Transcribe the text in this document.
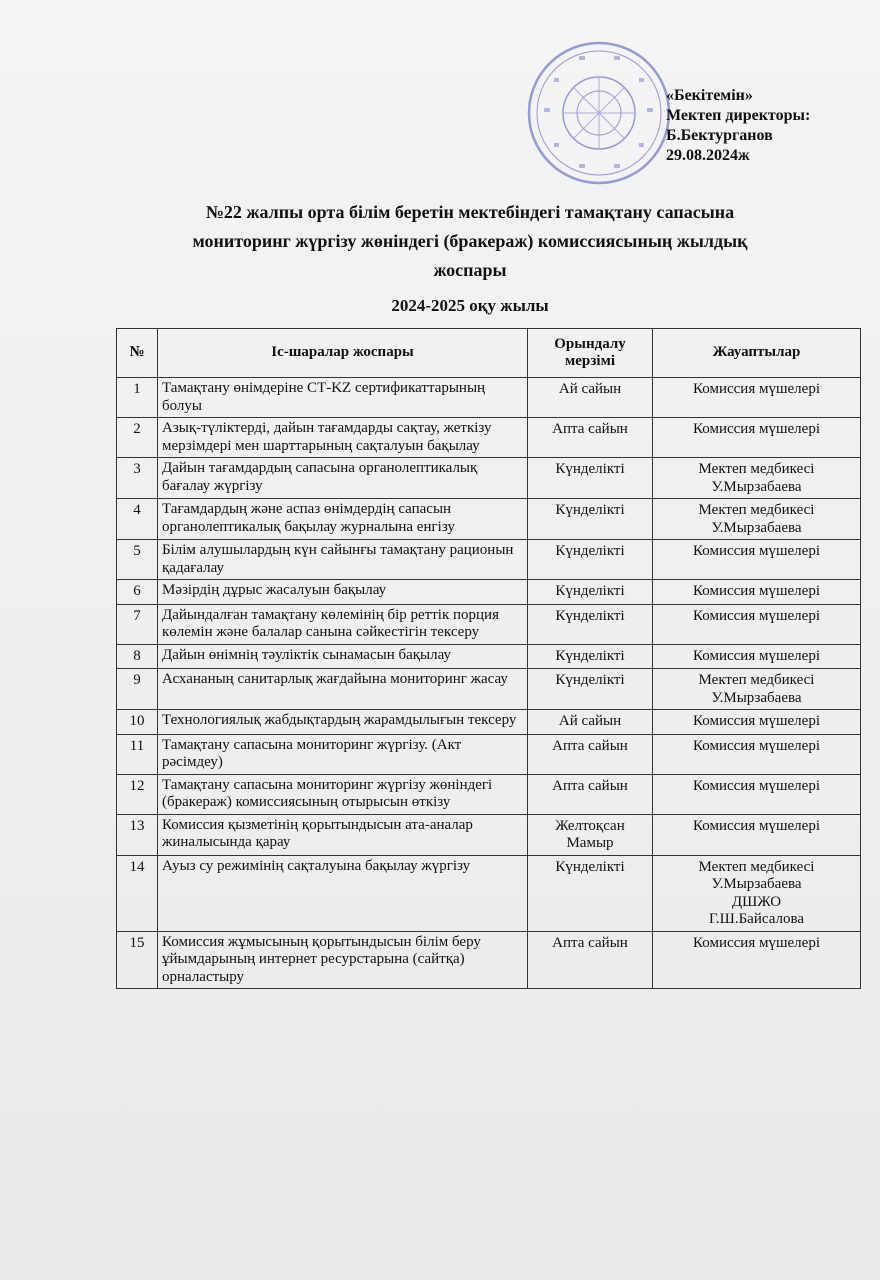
«Бекітемін»
Мектеп директоры:
Б.Бектурганов
29.08.2024ж
№22 жалпы орта білім беретін мектебіндегі тамақтану сапасына
мониторинг жүргізу жөніндегі (бракераж) комиссиясының жылдық
жоспары
2024-2025 оқу жылы
№	Іс-шаралар жоспары	Орындалу мерзімі	Жауаптылар
1	Тамақтану өнімдеріне СТ-KZ сертификаттарының болуы	Ай сайын	Комиссия мүшелері

2	Азық-түліктерді, дайын тағамдарды сақтау, жеткізу мерзімдері мен шарттарының сақталуын бақылау	Апта сайын	Комиссия мүшелері

3	Дайын тағамдардың сапасына органолептикалық бағалау жүргізу	Күнделікті	Мектеп медбикесі
У.Мырзабаева

4	Тағамдардың және аспаз өнімдердің сапасын органолептикалық бақылау журналына енгізу	Күнделікті	Мектеп медбикесі
У.Мырзабаева

5	Білім алушылардың күн сайынғы тамақтану рационын қадағалау	Күнделікті	Комиссия мүшелері

6	Мәзірдің дұрыс жасалуын бақылау	Күнделікті	Комиссия мүшелері

7	Дайындалған тамақтану көлемінің бір реттік порция көлемін және балалар санына сәйкестігін тексеру	Күнделікті	Комиссия мүшелері

8	Дайын өнімнің тәуліктік сынамасын бақылау	Күнделікті	Комиссия мүшелері

9	Асхананың санитарлық жағдайына мониторинг жасау	Күнделікті	Мектеп медбикесі
У.Мырзабаева

10	Технологиялық жабдықтардың жарамдылығын тексеру	Ай сайын	Комиссия мүшелері

11	Тамақтану сапасына мониторинг жүргізу. (Акт рәсімдеу)	Апта сайын	Комиссия мүшелері

12	Тамақтану сапасына мониторинг жүргізу жөніндегі (бракераж) комиссиясының отырысын өткізу	Апта сайын	Комиссия мүшелері

13	Комиссия қызметінің қорытындысын ата-аналар жиналысында қарау	Желтоқсан
Мамыр	Комиссия мүшелері

14	Ауыз су режимінің сақталуына бақылау жүргізу	Күнделікті	Мектеп медбикесі
У.Мырзабаева
ДШЖО
Г.Ш.Байсалова

15	Комиссия жұмысының қорытындысын білім беру ұйымдарының интернет ресурстарына (сайтқа) орналастыру	Апта сайын	Комиссия мүшелері
